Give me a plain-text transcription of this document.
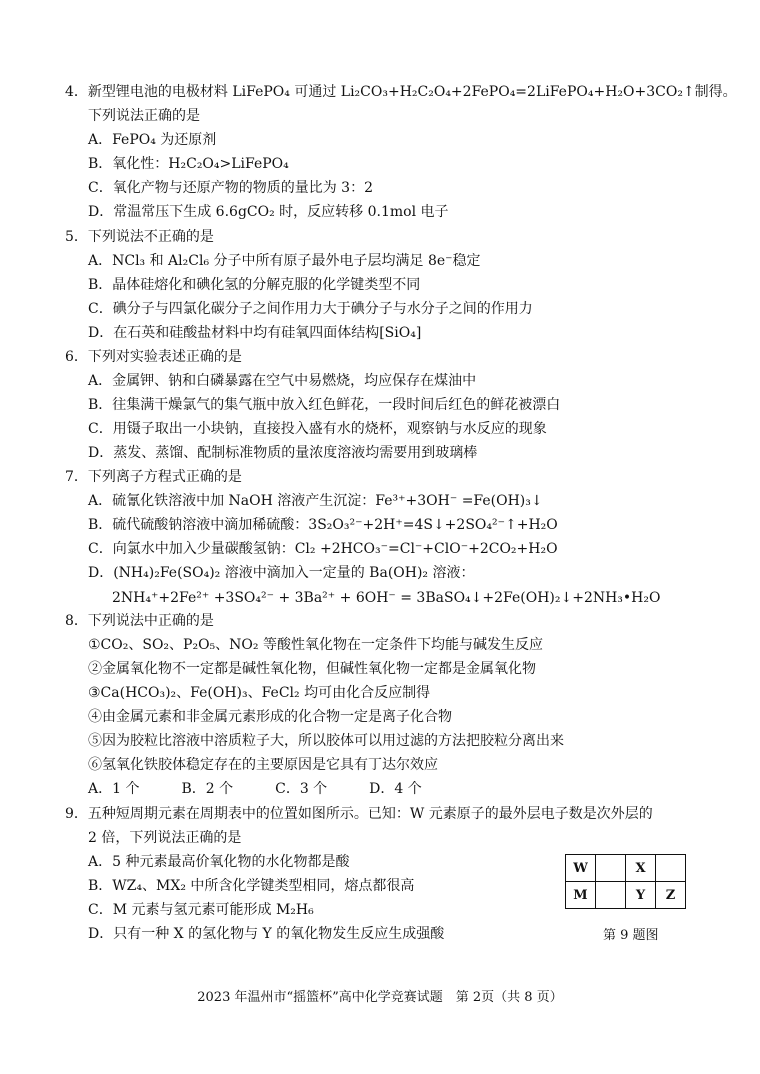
4．新型锂电池的电极材料 LiFePO₄ 可通过 Li₂CO₃+H₂C₂O₄+2FePO₄=2LiFePO₄+H₂O+3CO₂↑制得。
下列说法正确的是
A．FePO₄ 为还原剂
B．氧化性：H₂C₂O₄>LiFePO₄
C．氧化产物与还原产物的物质的量比为 3：2
D．常温常压下生成 6.6gCO₂ 时，反应转移 0.1mol 电子
5．下列说法不正确的是
A．NCl₃ 和 Al₂Cl₆ 分子中所有原子最外电子层均满足 8e⁻稳定
B．晶体硅熔化和碘化氢的分解克服的化学键类型不同
C．碘分子与四氯化碳分子之间作用力大于碘分子与水分子之间的作用力
D．在石英和硅酸盐材料中均有硅氧四面体结构[SiO₄]
6．下列对实验表述正确的是
A．金属钾、钠和白磷暴露在空气中易燃烧，均应保存在煤油中
B．往集满干燥氯气的集气瓶中放入红色鲜花，一段时间后红色的鲜花被漂白
C．用镊子取出一小块钠，直接投入盛有水的烧杯，观察钠与水反应的现象
D．蒸发、蒸馏、配制标准物质的量浓度溶液均需要用到玻璃棒
7．下列离子方程式正确的是
A．硫氰化铁溶液中加 NaOH 溶液产生沉淀：Fe³⁺+3OH⁻ =Fe(OH)₃↓
B．硫代硫酸钠溶液中滴加稀硫酸：3S₂O₃²⁻+2H⁺=4S↓+2SO₄²⁻↑+H₂O
C．向氯水中加入少量碳酸氢钠：Cl₂ +2HCO₃⁻=Cl⁻+ClO⁻+2CO₂+H₂O
D．(NH₄)₂Fe(SO₄)₂ 溶液中滴加入一定量的 Ba(OH)₂ 溶液：
2NH₄⁺+2Fe²⁺ +3SO₄²⁻ + 3Ba²⁺ + 6OH⁻ = 3BaSO₄↓+2Fe(OH)₂↓+2NH₃•H₂O
8．下列说法中正确的是
①CO₂、SO₂、P₂O₅、NO₂ 等酸性氧化物在一定条件下均能与碱发生反应
②金属氧化物不一定都是碱性氧化物，但碱性氧化物一定都是金属氧化物
③Ca(HCO₃)₂、Fe(OH)₃、FeCl₂ 均可由化合反应制得
④由金属元素和非金属元素形成的化合物一定是离子化合物
⑤因为胶粒比溶液中溶质粒子大，所以胶体可以用过滤的方法把胶粒分离出来
⑥氢氧化铁胶体稳定存在的主要原因是它具有丁达尔效应
A．1 个　　　B．2 个　　　C．3 个　　　D．4 个
9．五种短周期元素在周期表中的位置如图所示。已知：W 元素原子的最外层电子数是次外层的
2 倍，下列说法正确的是
A．5 种元素最高价氧化物的水化物都是酸
B．WZ₄、MX₂ 中所含化学键类型相同，熔点都很高
C．M 元素与氢元素可能形成 M₂H₆
D．只有一种 X 的氢化物与 Y 的氧化物发生反应生成强酸
W		X	
M		Y	Z
第 9 题图
2023 年温州市“摇篮杯”高中化学竞赛试题　第 2页（共 8 页）
